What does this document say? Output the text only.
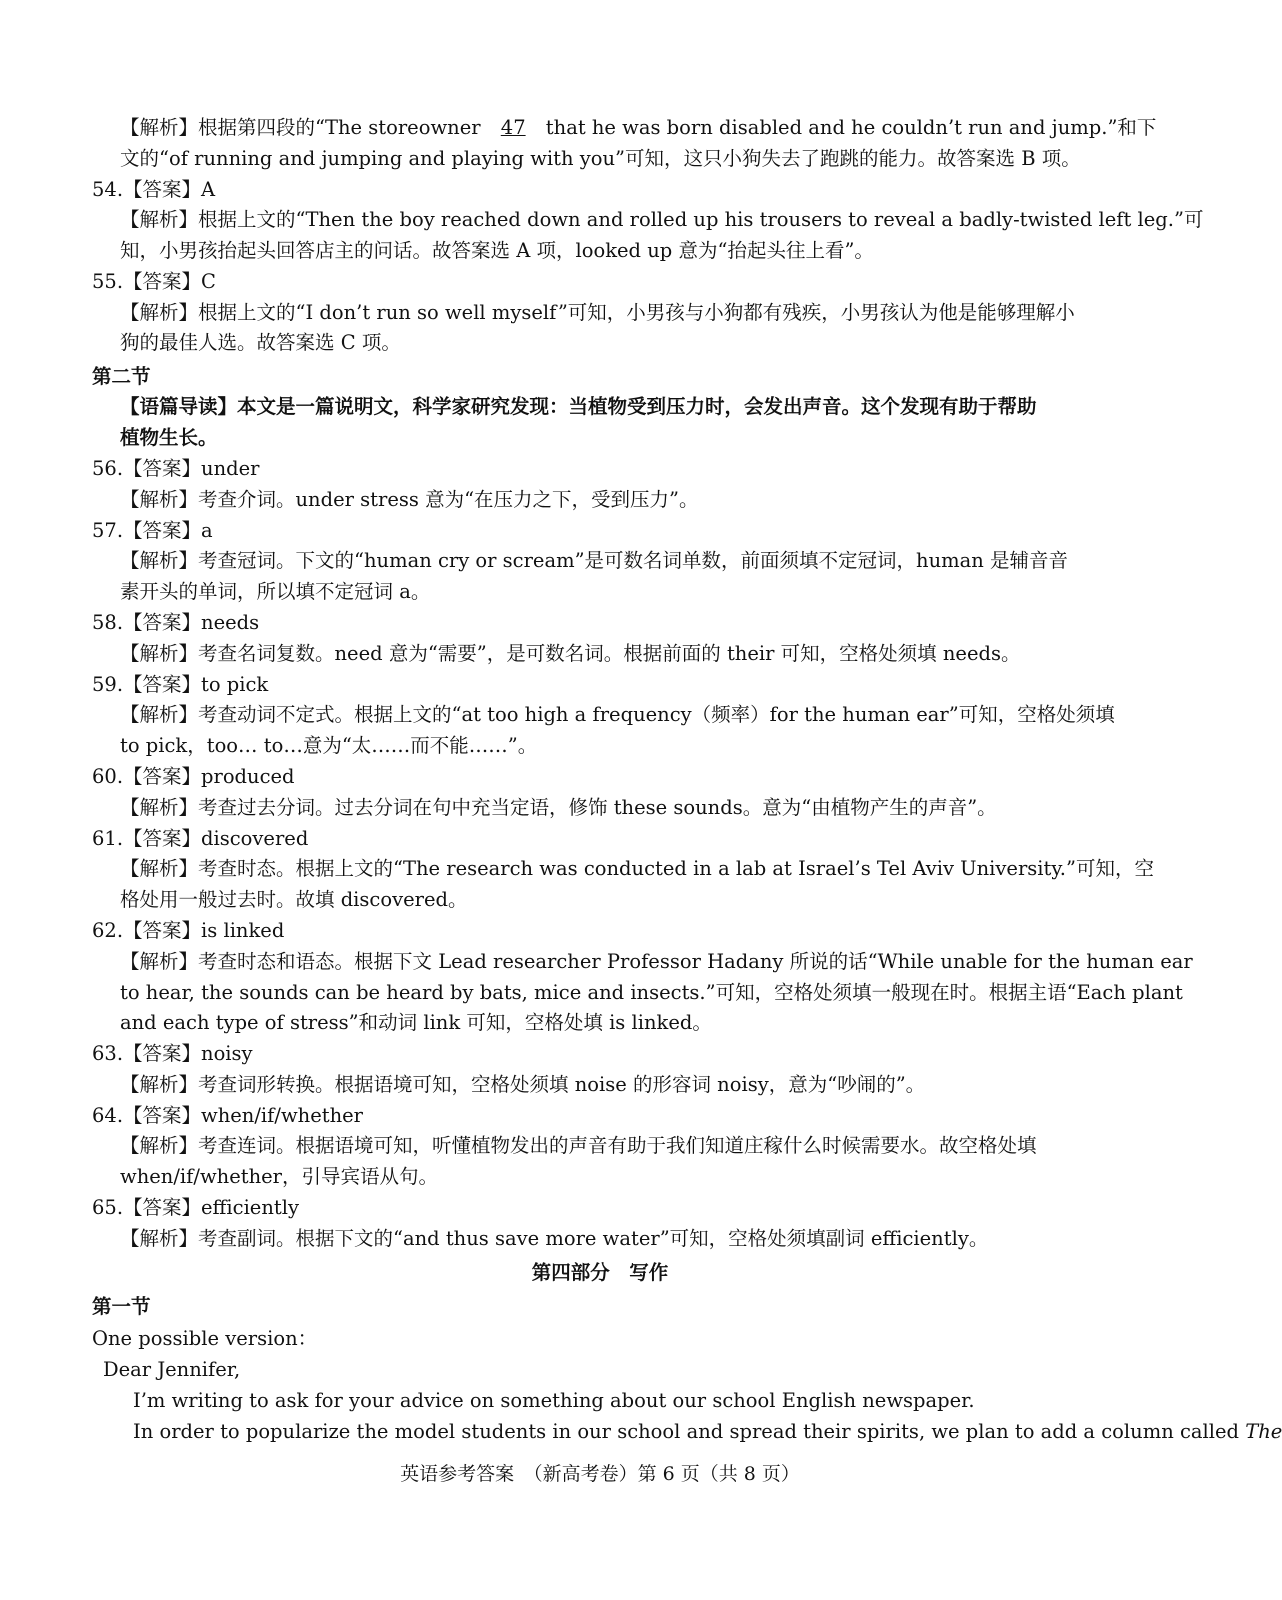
【解析】根据第四段的“The storeowner 47 that he was born disabled and he couldn’t run and jump.”和下
文的“of running and jumping and playing with you”可知，这只小狗失去了跑跳的能力。故答案选 B 项。
54.【答案】A
【解析】根据上文的“Then the boy reached down and rolled up his trousers to reveal a badly-twisted left leg.”可
知，小男孩抬起头回答店主的问话。故答案选 A 项，looked up 意为“抬起头往上看”。
55.【答案】C
【解析】根据上文的“I don’t run so well myself”可知，小男孩与小狗都有残疾，小男孩认为他是能够理解小
狗的最佳人选。故答案选 C 项。
第二节
【语篇导读】本文是一篇说明文，科学家研究发现：当植物受到压力时，会发出声音。这个发现有助于帮助
植物生长。
56.【答案】under
【解析】考查介词。under stress 意为“在压力之下，受到压力”。
57.【答案】a
【解析】考查冠词。下文的“human cry or scream”是可数名词单数，前面须填不定冠词，human 是辅音音
素开头的单词，所以填不定冠词 a。
58.【答案】needs
【解析】考查名词复数。need 意为“需要”，是可数名词。根据前面的 their 可知，空格处须填 needs。
59.【答案】to pick
【解析】考查动词不定式。根据上文的“at too high a frequency（频率）for the human ear”可知，空格处须填
to pick，too… to…意为“太……而不能……”。
60.【答案】produced
【解析】考查过去分词。过去分词在句中充当定语，修饰 these sounds。意为“由植物产生的声音”。
61.【答案】discovered
【解析】考查时态。根据上文的“The research was conducted in a lab at Israel’s Tel Aviv University.”可知，空
格处用一般过去时。故填 discovered。
62.【答案】is linked
【解析】考查时态和语态。根据下文 Lead researcher Professor Hadany 所说的话“While unable for the human ear
to hear, the sounds can be heard by bats, mice and insects.”可知，空格处须填一般现在时。根据主语“Each plant
and each type of stress”和动词 link 可知，空格处填 is linked。
63.【答案】noisy
【解析】考查词形转换。根据语境可知，空格处须填 noise 的形容词 noisy，意为“吵闹的”。
64.【答案】when/if/whether
【解析】考查连词。根据语境可知，听懂植物发出的声音有助于我们知道庄稼什么时候需要水。故空格处填
when/if/whether，引导宾语从句。
65.【答案】efficiently
【解析】考查副词。根据下文的“and thus save more water”可知，空格处须填副词 efficiently。
第四部分　写作
第一节
One possible version：
Dear Jennifer,
I’m writing to ask for your advice on something about our school English newspaper.
In order to popularize the model students in our school and spread their spirits, we plan to add a column called The
英语参考答案　（新高考卷）第 6 页（共 8 页）
